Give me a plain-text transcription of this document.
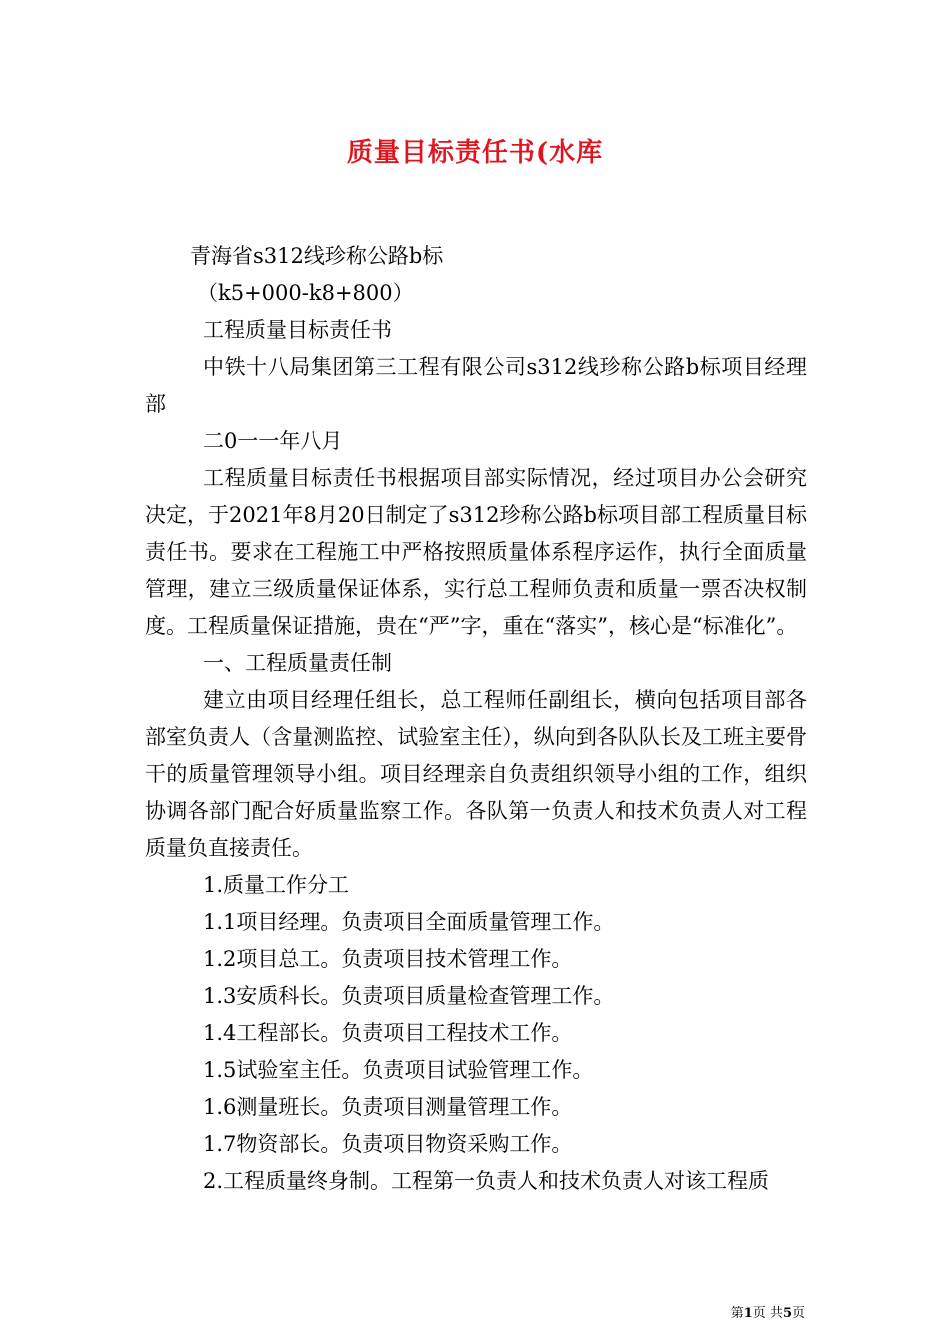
质量目标责任书(水库

青海省s312线珍称公路b标

（k5+000-k8+800）

工程质量目标责任书

中铁十八局集团第三工程有限公司s312线珍称公路b标项目经理部

二0一一年八月

工程质量目标责任书根据项目部实际情况，经过项目办公会研究决定，于2021年8月20日制定了s312珍称公路b标项目部工程质量目标责任书。要求在工程施工中严格按照质量体系程序运作，执行全面质量管理，建立三级质量保证体系，实行总工程师负责和质量一票否决权制度。工程质量保证措施，贵在“严”字，重在“落实”，核心是“标准化”。

一、工程质量责任制

建立由项目经理任组长，总工程师任副组长，横向包括项目部各部室负责人（含量测监控、试验室主任），纵向到各队队长及工班主要骨干的质量管理领导小组。项目经理亲自负责组织领导小组的工作，组织协调各部门配合好质量监察工作。各队第一负责人和技术负责人对工程质量负直接责任。

1.质量工作分工

1.1项目经理。负责项目全面质量管理工作。

1.2项目总工。负责项目技术管理工作。

1.3安质科长。负责项目质量检查管理工作。

1.4工程部长。负责项目工程技术工作。

1.5试验室主任。负责项目试验管理工作。

1.6测量班长。负责项目测量管理工作。

1.7物资部长。负责项目物资采购工作。

2.工程质量终身制。工程第一负责人和技术负责人对该工程质

第1页 共5页
